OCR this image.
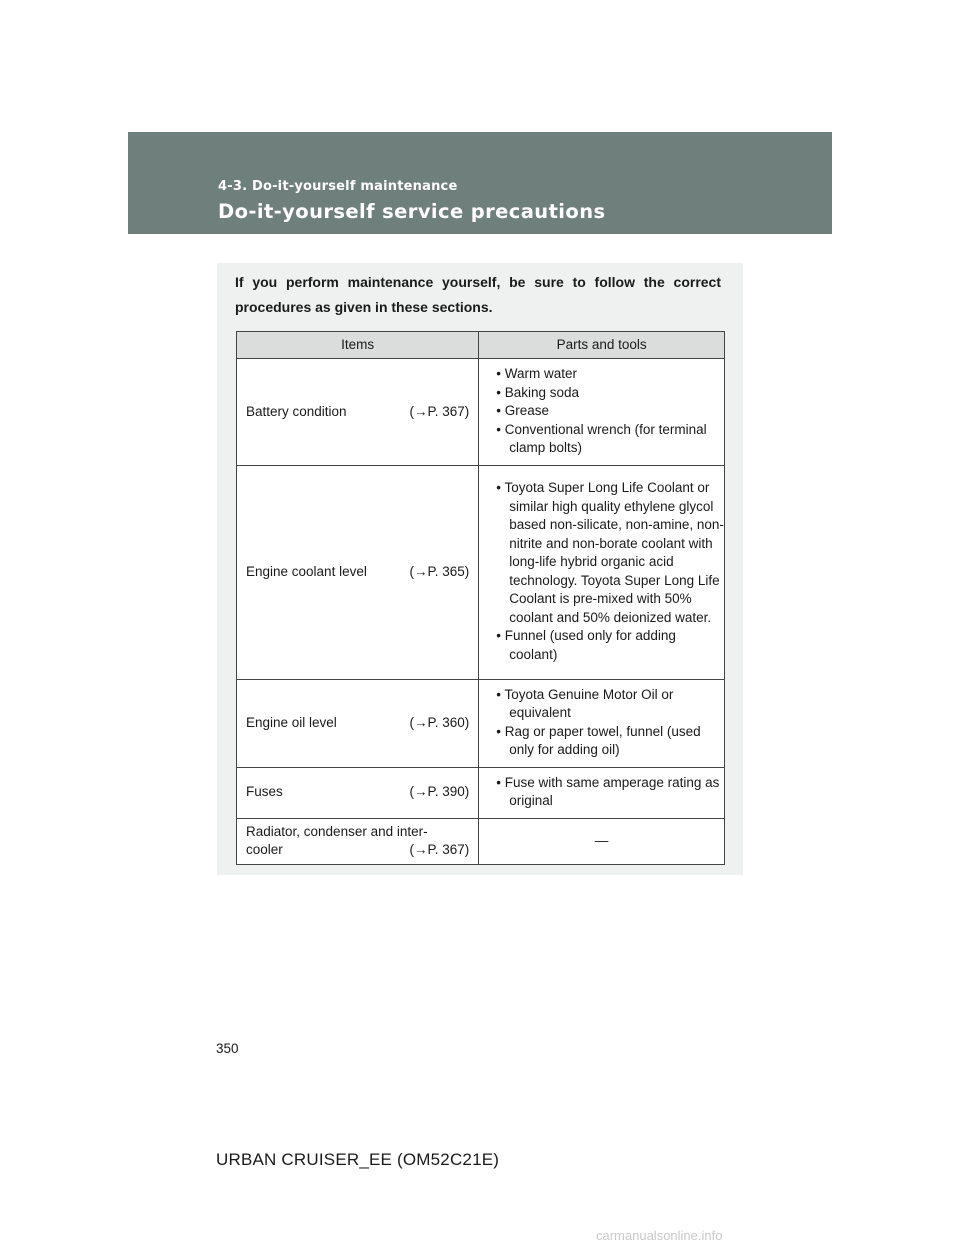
4-3. Do-it-yourself maintenance
Do-it-yourself service precautions
If you perform maintenance yourself, be sure to follow the correct
procedures as given in these sections.
Items	Parts and tools

Battery condition (→P. 367)	• Warm water
• Baking soda
• Grease
• Conventional wrench (for terminal clamp bolts)

Engine coolant level (→P. 365)	• Toyota Super Long Life Coolant or similar high quality ethylene glycol based non-silicate, non-amine, non-nitrite and non-borate coolant with long-life hybrid organic acid technology. Toyota Super Long Life Coolant is pre-mixed with 50% coolant and 50% deionized water.
• Funnel (used only for adding coolant)

Engine oil level (→P. 360)	• Toyota Genuine Motor Oil or equivalent
• Rag or paper towel, funnel (used only for adding oil)

Fuses (→P. 390)	• Fuse with same amperage rating as original

Radiator, condenser and inter-
cooler (→P. 367)	—
350
URBAN CRUISER_EE (OM52C21E)
carmanualsonline.info
